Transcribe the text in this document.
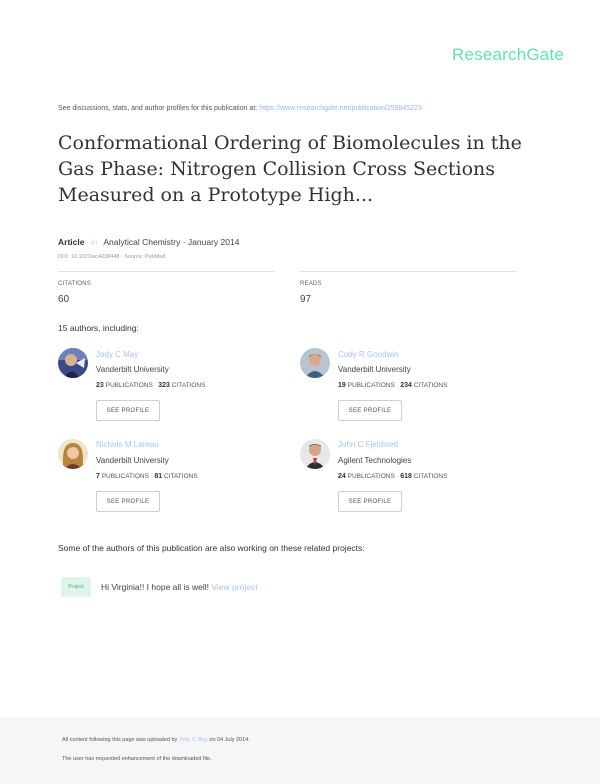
ResearchGate
See discussions, stats, and author profiles for this publication at: https://www.researchgate.net/publication/259845223
Conformational Ordering of Biomolecules in the Gas Phase: Nitrogen Collision Cross Sections Measured on a Prototype High...
Article in Analytical Chemistry · January 2014
DOI: 10.1021/ac4038448 · Source: PubMed
CITATIONS
60
READS
97
15 authors, including:
Jody C May
Vanderbilt University
23 PUBLICATIONS 323 CITATIONS
SEE PROFILE
Cody R Goodwin
Vanderbilt University
19 PUBLICATIONS 234 CITATIONS
SEE PROFILE
Nichole M Lareau
Vanderbilt University
7 PUBLICATIONS 81 CITATIONS
SEE PROFILE
John C Fjeldsted
Agilent Technologies
24 PUBLICATIONS 618 CITATIONS
SEE PROFILE
Some of the authors of this publication are also working on these related projects:
Project	Hi Virginia!! I hope all is well! View project
All content following this page was uploaded by Jody C May on 04 July 2014.
The user has requested enhancement of the downloaded file.
